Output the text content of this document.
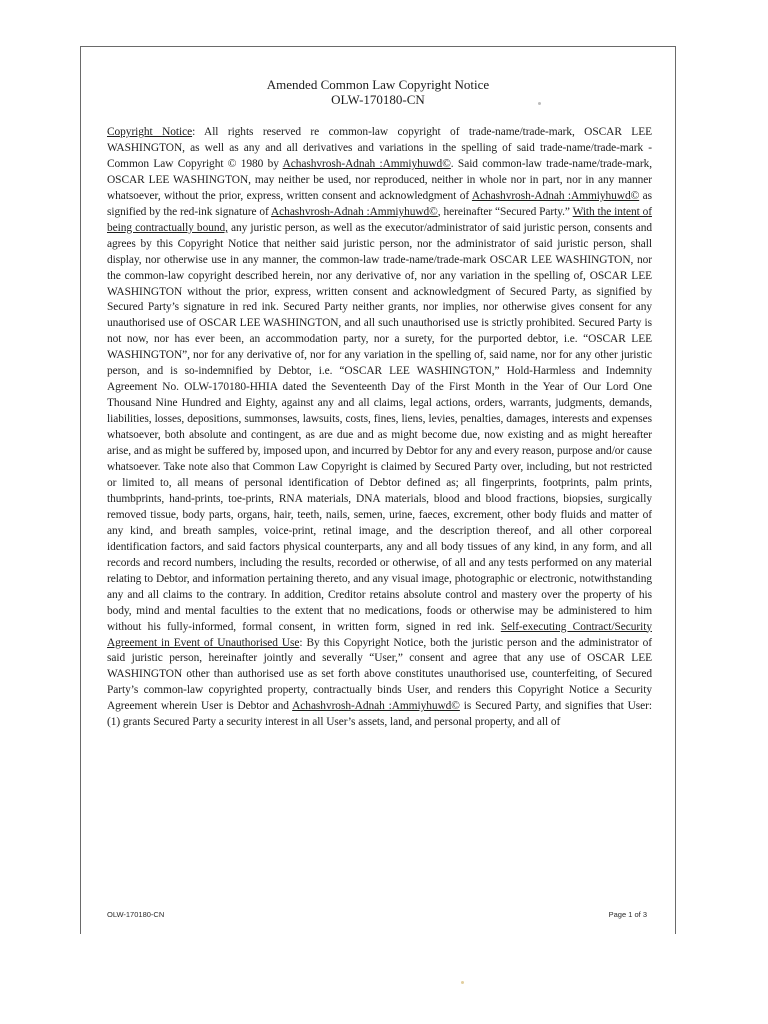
Amended Common Law Copyright Notice
OLW-170180-CN
Copyright Notice: All rights reserved re common-law copyright of trade-name/trade-mark, OSCAR LEE WASHINGTON, as well as any and all derivatives and variations in the spelling of said trade-name/trade-mark - Common Law Copyright © 1980 by Achashvrosh-Adnah :Ammiyhuwd©. Said common-law trade-name/trade-mark, OSCAR LEE WASHINGTON, may neither be used, nor reproduced, neither in whole nor in part, nor in any manner whatsoever, without the prior, express, written consent and acknowledgment of Achashvrosh-Adnah :Ammiyhuwd© as signified by the red-ink signature of Achashvrosh-Adnah :Ammiyhuwd©, hereinafter “Secured Party.” With the intent of being contractually bound, any juristic person, as well as the executor/administrator of said juristic person, consents and agrees by this Copyright Notice that neither said juristic person, nor the administrator of said juristic person, shall display, nor otherwise use in any manner, the common-law trade-name/trade-mark OSCAR LEE WASHINGTON, nor the common-law copyright described herein, nor any derivative of, nor any variation in the spelling of, OSCAR LEE WASHINGTON without the prior, express, written consent and acknowledgment of Secured Party, as signified by Secured Party’s signature in red ink. Secured Party neither grants, nor implies, nor otherwise gives consent for any unauthorised use of OSCAR LEE WASHINGTON, and all such unauthorised use is strictly prohibited. Secured Party is not now, nor has ever been, an accommodation party, nor a surety, for the purported debtor, i.e. “OSCAR LEE WASHINGTON”, nor for any derivative of, nor for any variation in the spelling of, said name, nor for any other juristic person, and is so-indemnified by Debtor, i.e. “OSCAR LEE WASHINGTON,” Hold-Harmless and Indemnity Agreement No. OLW-170180-HHIA dated the Seventeenth Day of the First Month in the Year of Our Lord One Thousand Nine Hundred and Eighty, against any and all claims, legal actions, orders, warrants, judgments, demands, liabilities, losses, depositions, summonses, lawsuits, costs, fines, liens, levies, penalties, damages, interests and expenses whatsoever, both absolute and contingent, as are due and as might become due, now existing and as might hereafter arise, and as might be suffered by, imposed upon, and incurred by Debtor for any and every reason, purpose and/or cause whatsoever. Take note also that Common Law Copyright is claimed by Secured Party over, including, but not restricted or limited to, all means of personal identification of Debtor defined as; all fingerprints, footprints, palm prints, thumbprints, hand-prints, toe-prints, RNA materials, DNA materials, blood and blood fractions, biopsies, surgically removed tissue, body parts, organs, hair, teeth, nails, semen, urine, faeces, excrement, other body fluids and matter of any kind, and breath samples, voice-print, retinal image, and the description thereof, and all other corporeal identification factors, and said factors physical counterparts, any and all body tissues of any kind, in any form, and all records and record numbers, including the results, recorded or otherwise, of all and any tests performed on any material relating to Debtor, and information pertaining thereto, and any visual image, photographic or electronic, notwithstanding any and all claims to the contrary. In addition, Creditor retains absolute control and mastery over the property of his body, mind and mental faculties to the extent that no medications, foods or otherwise may be administered to him without his fully-informed, formal consent, in written form, signed in red ink. Self-executing Contract/Security Agreement in Event of Unauthorised Use: By this Copyright Notice, both the juristic person and the administrator of said juristic person, hereinafter jointly and severally “User,” consent and agree that any use of OSCAR LEE WASHINGTON other than authorised use as set forth above constitutes unauthorised use, counterfeiting, of Secured Party’s common-law copyrighted property, contractually binds User, and renders this Copyright Notice a Security Agreement wherein User is Debtor and Achashvrosh-Adnah :Ammiyhuwd© is Secured Party, and signifies that User: (1) grants Secured Party a security interest in all User’s assets, land, and personal property, and all of
OLW-170180-CN	Page 1 of 3
